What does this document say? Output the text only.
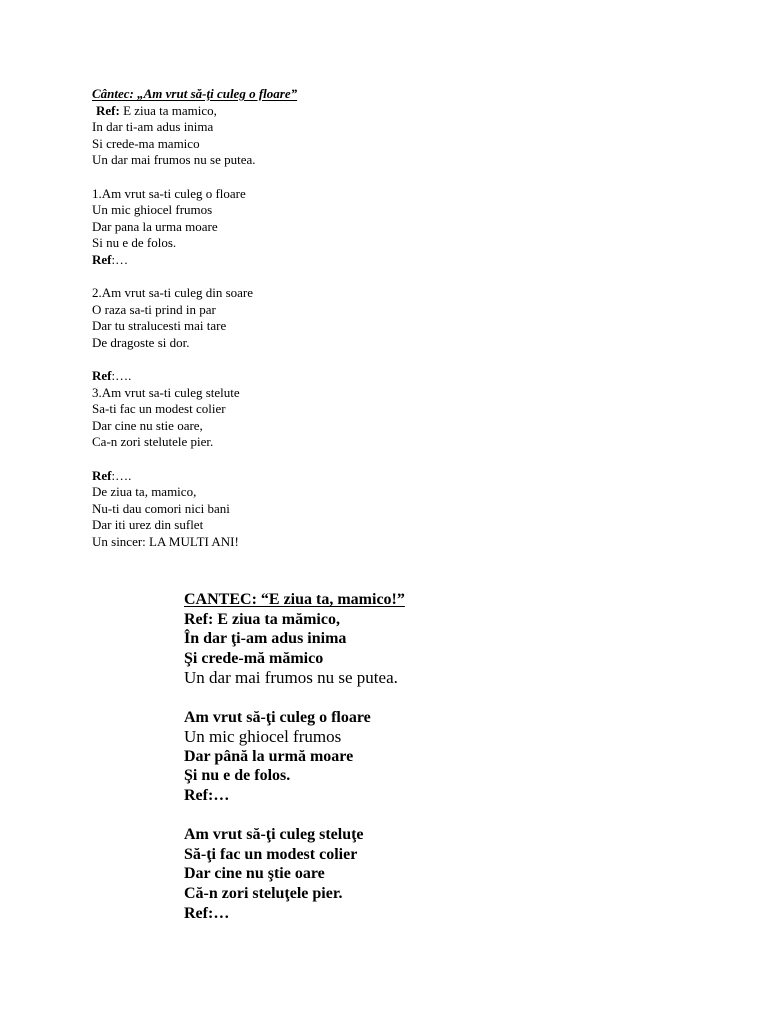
Cântec: „Am vrut să-ţi culeg o floare”
Ref: E ziua ta mamico,
In dar ti-am adus inima
Si crede-ma mamico
Un dar mai frumos nu se putea.
1.Am vrut sa-ti culeg o floare
Un mic ghiocel frumos
Dar pana la urma moare
Si nu e de folos.
Ref:…
2.Am vrut sa-ti culeg din soare
O raza sa-ti prind in par
Dar tu stralucesti mai tare
De dragoste si dor.
Ref:….
3.Am vrut sa-ti culeg stelute
Sa-ti fac un modest colier
Dar cine nu stie oare,
Ca-n zori stelutele pier.
Ref:….
De ziua ta, mamico,
Nu-ti dau comori nici bani
Dar iti urez din suflet
Un sincer: LA MULTI ANI!
CANTEC: “E ziua ta, mamico!”
Ref: E ziua ta mămico,
În dar ţi-am adus inima
Şi crede-mă mămico
Un dar mai frumos nu se putea.
Am vrut să-ţi culeg o floare
Un mic ghiocel frumos
Dar până la urmă moare
Şi nu e de folos.
Ref:…
Am vrut să-ţi culeg steluţe
Să-ţi fac un modest colier
Dar cine nu ştie oare
Că-n zori steluţele pier.
Ref:…
